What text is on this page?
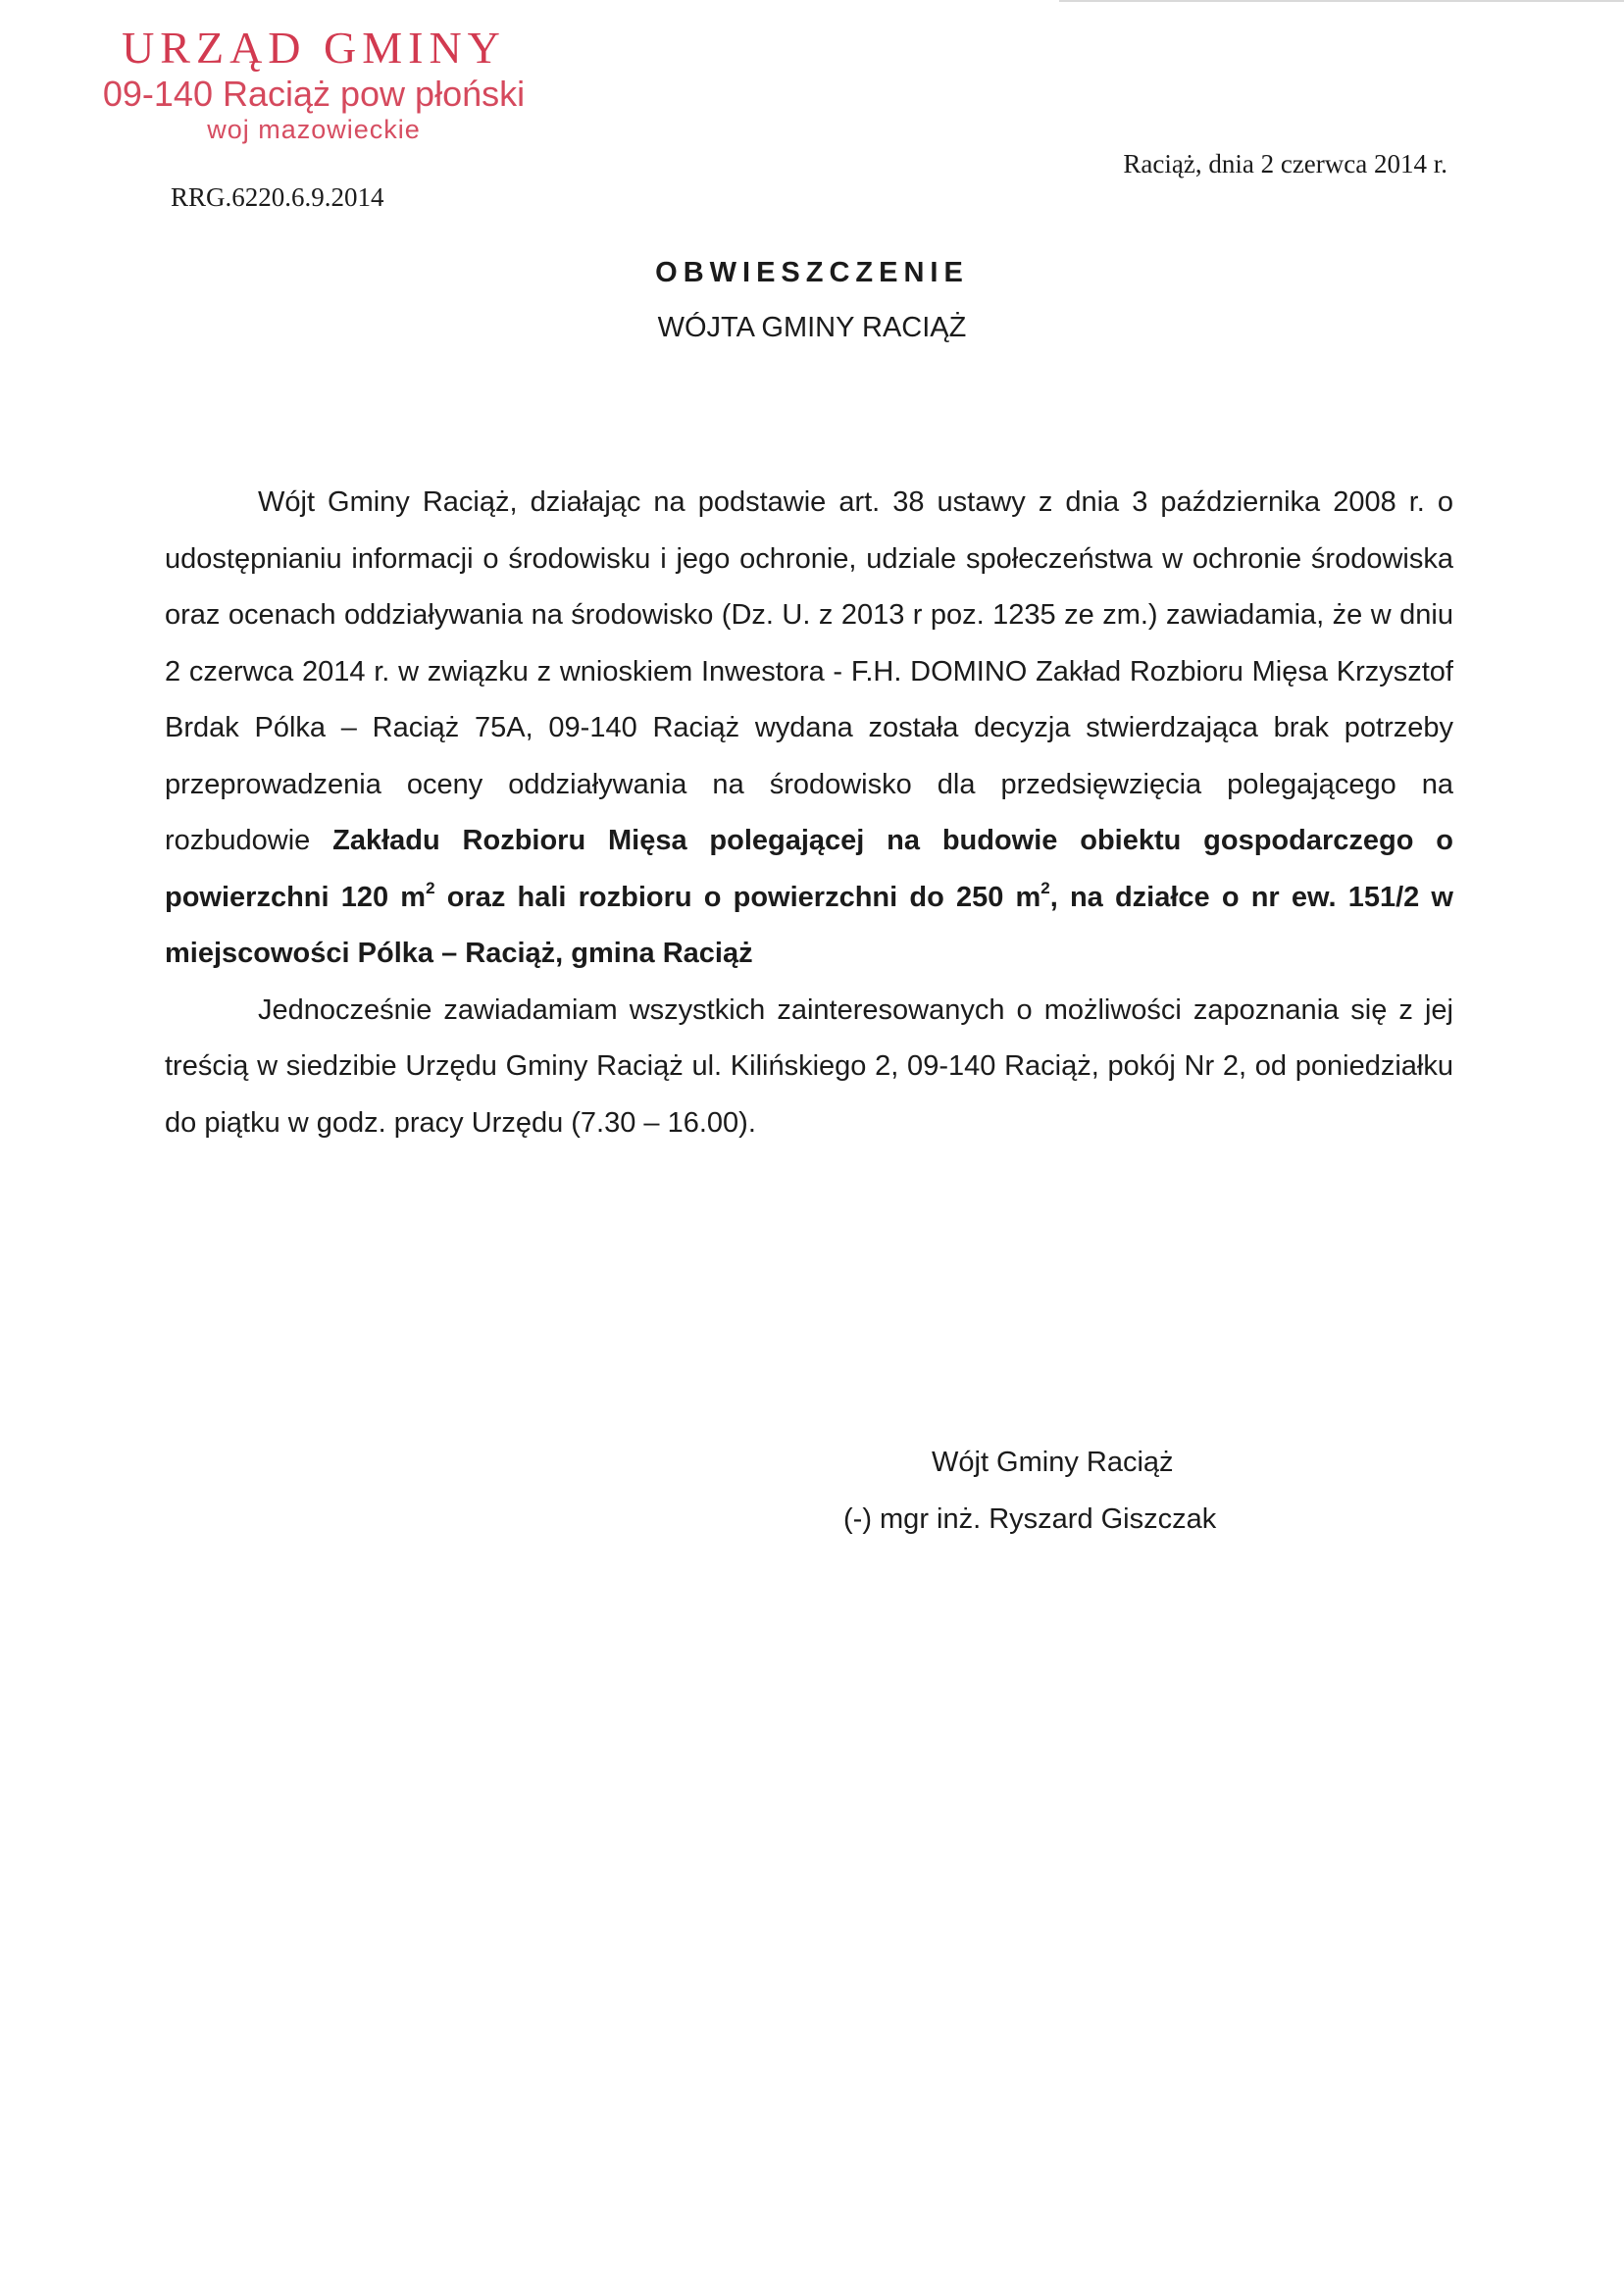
URZĄD GMINY
09-140 Raciąż pow płoński
woj mazowieckie
RRG.6220.6.9.2014
Raciąż, dnia 2 czerwca 2014 r.
OBWIESZCZENIE
WÓJTA GMINY RACIĄŻ

Wójt Gminy Raciąż, działając na podstawie art. 38 ustawy z dnia 3 października 2008 r. o udostępnianiu informacji o środowisku i jego ochronie, udziale społeczeństwa w ochronie środowiska oraz ocenach oddziaływania na środowisko (Dz. U. z 2013 r poz. 1235 ze zm.) zawiadamia, że w dniu 2 czerwca 2014 r. w związku z wnioskiem Inwestora - F.H. DOMINO Zakład Rozbioru Mięsa Krzysztof Brdak Pólka – Raciąż 75A, 09-140 Raciąż wydana została decyzja stwierdzająca brak potrzeby przeprowadzenia oceny oddziaływania na środowisko dla przedsięwzięcia polegającego na rozbudowie Zakładu Rozbioru Mięsa polegającej na budowie obiektu gospodarczego o powierzchni 120 $m^2$ oraz hali rozbioru o powierzchni do 250 $m^2$, na działce o nr ew. 151/2 w miejscowości Pólka – Raciąż, gmina Raciąż

Jednocześnie zawiadamiam wszystkich zainteresowanych o możliwości zapoznania się z jej treścią w siedzibie Urzędu Gminy Raciąż ul. Kilińskiego 2, 09-140 Raciąż, pokój Nr 2, od poniedziałku do piątku w godz. pracy Urzędu (7.30 – 16.00).

Wójt Gminy Raciąż
(-) mgr inż. Ryszard Giszczak
